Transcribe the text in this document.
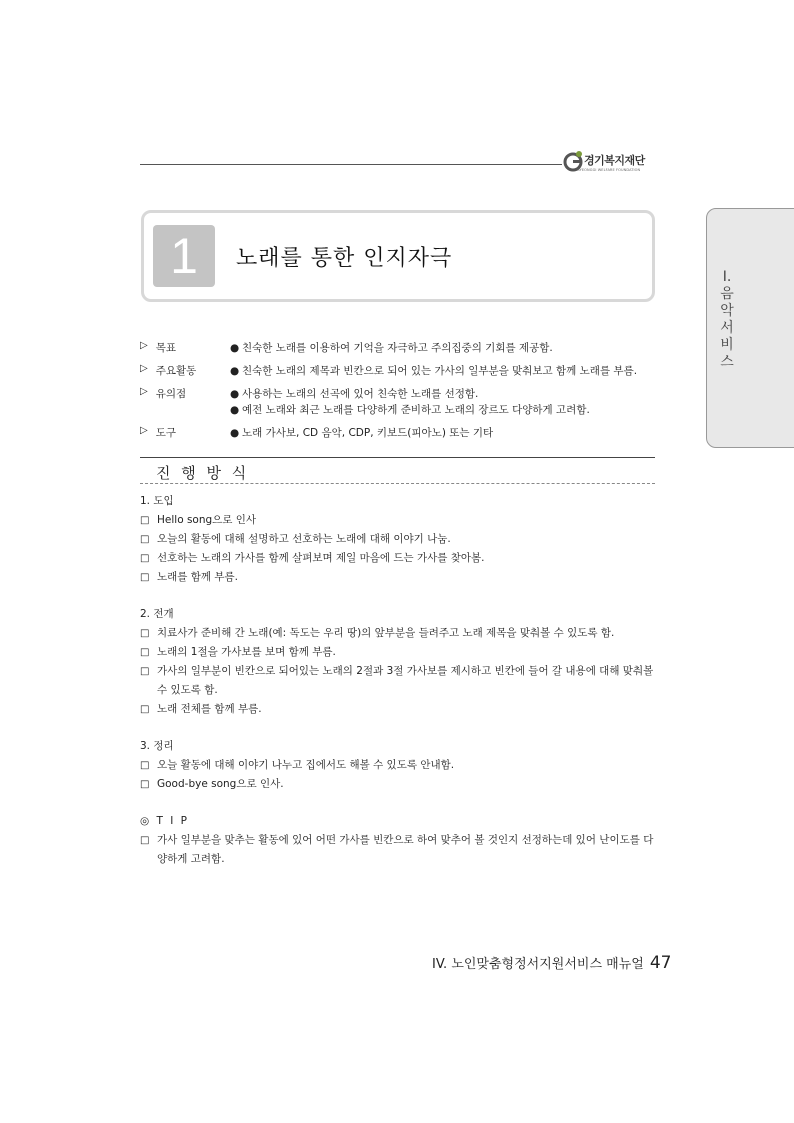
경기복지재단
GYEONGGI WELFARE FOUNDATION
Ⅰ.
음
악
서
비
스
1	노래를 통한 인지자극
▷ 목표	● 친숙한 노래를 이용하여 기억을 자극하고 주의집중의 기회를 제공함.
▷ 주요활동	● 친숙한 노래의 제목과 빈칸으로 되어 있는 가사의 일부분을 맞춰보고 함께 노래를 부름.
▷ 유의점	● 사용하는 노래의 선곡에 있어 친숙한 노래를 선정함.
● 예전 노래와 최근 노래를 다양하게 준비하고 노래의 장르도 다양하게 고려함.
▷ 도구	● 노래 가사보, CD 음악, CDP, 키보드(피아노) 또는 기타
진 행 방 식
1. 도입
□ Hello song으로 인사
□ 오늘의 활동에 대해 설명하고 선호하는 노래에 대해 이야기 나눔.
□ 선호하는 노래의 가사를 함께 살펴보며 제일 마음에 드는 가사를 찾아봄.
□ 노래를 함께 부름.
2. 전개
□ 치료사가 준비해 간 노래(예: 독도는 우리 땅)의 앞부분을 들려주고 노래 제목을 맞춰볼 수 있도록 함.
□ 노래의 1절을 가사보를 보며 함께 부름.
□ 가사의 일부분이 빈칸으로 되어있는 노래의 2절과 3절 가사보를 제시하고 빈칸에 들어 갈 내용에 대해 맞춰볼 수 있도록 함.
□ 노래 전체를 함께 부름.
3. 정리
□ 오늘 활동에 대해 이야기 나누고 집에서도 해볼 수 있도록 안내함.
□ Good-bye song으로 인사.
◎ T I P
□ 가사 일부분을 맞추는 활동에 있어 어떤 가사를 빈칸으로 하여 맞추어 볼 것인지 선정하는데 있어 난이도를 다양하게 고려함.
IV. 노인맞춤형정서지원서비스 매뉴얼 47
